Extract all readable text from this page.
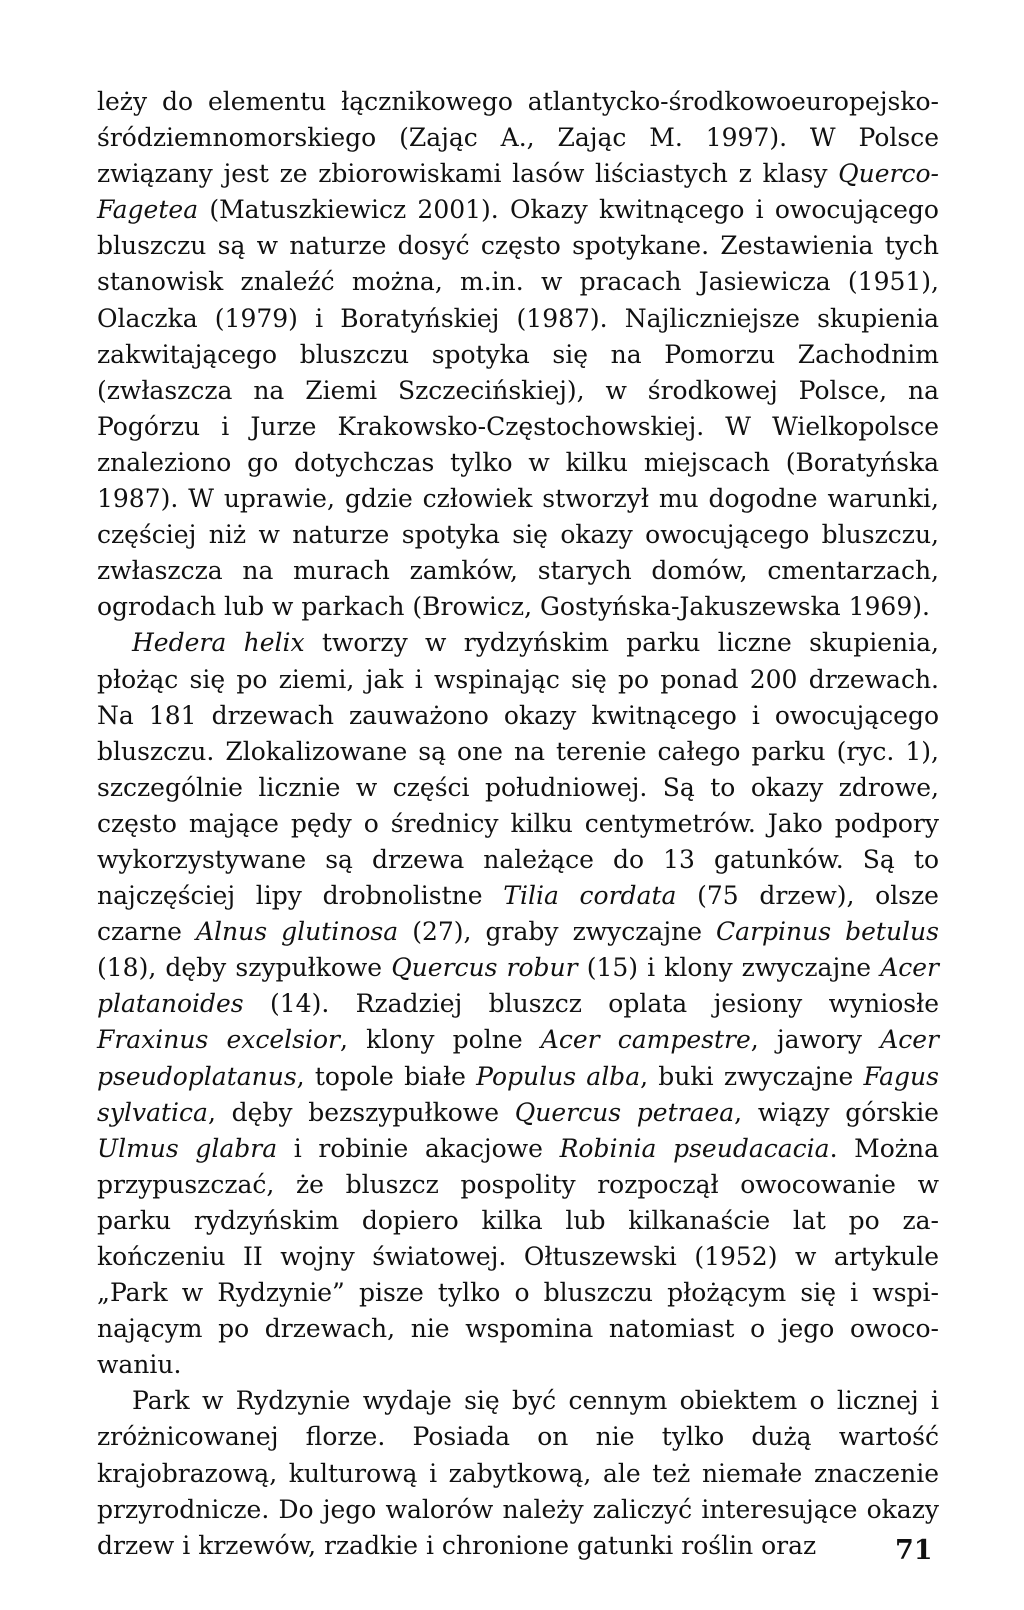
leży do elementu łącznikowego atlantycko-środkowoeuropejsko-śródziemnomorskiego (Zając A., Zając M. 1997). W Polsce związany jest ze zbiorowiskami lasów liściastych z klasy Querco-Fagetea (Matuszkiewicz 2001). Okazy kwitnącego i owocującego bluszczu są w naturze dosyć często spotykane. Zestawienia tych stanowisk znaleźć można, m.in. w pracach Jasiewicza (1951), Olaczka (1979) i Boratyńskiej (1987). Najliczniejsze skupienia zakwitającego bluszczu spotyka się na Pomorzu Zachodnim (zwłaszcza na Ziemi Szczecińskiej), w środkowej Polsce, na Pogórzu i Jurze Krakowsko-Częstochowskiej. W Wielkopolsce znaleziono go dotychczas tylko w kilku miejscach (Boratyńska 1987). W uprawie, gdzie człowiek stworzył mu dogodne warunki, częściej niż w naturze spotyka się okazy owocującego bluszczu, zwłaszcza na murach zamków, starych domów, cmentarzach, ogrodach lub w parkach (Browicz, Gostyńska-Jakuszewska 1969).

Hedera helix tworzy w rydzyńskim parku liczne skupienia, płożąc się po ziemi, jak i wspinając się po ponad 200 drzewach. Na 181 drzewach zauważono okazy kwitnącego i owocującego bluszczu. Zlokalizowane są one na terenie całego parku (ryc. 1), szczególnie licznie w części południowej. Są to okazy zdrowe, często mające pędy o średnicy kilku centymetrów. Jako podpory wykorzystywane są drzewa należące do 13 gatunków. Są to najczęściej lipy drobnolistne Tilia cordata (75 drzew), olsze czarne Alnus glutinosa (27), graby zwyczajne Carpinus betulus (18), dęby szypułkowe Quercus robur (15) i klony zwyczajne Acer platanoides (14). Rzadziej bluszcz oplata jesiony wyniosłe Fraxinus excelsior, klony polne Acer campestre, jawory Acer pseudoplatanus, topole białe Populus alba, buki zwyczajne Fagus sylvatica, dęby bezszypułkowe Quercus petraea, wiązy górskie Ulmus glabra i robinie akacjowe Robinia pseudacacia. Można przypuszczać, że bluszcz pospolity rozpoczął owocowanie w parku rydzyńskim dopiero kilka lub kilkanaście lat po zakończeniu II wojny światowej. Ołtuszewski (1952) w artykule „Park w Rydzynie” pisze tylko o bluszczu płożącym się i wspinającym po drzewach, nie wspomina natomiast o jego owocowaniu.

Park w Rydzynie wydaje się być cennym obiektem o licznej i zróżnicowanej florze. Posiada on nie tylko dużą wartość krajobrazową, kulturową i zabytkową, ale też niemałe znaczenie przyrodnicze. Do jego walorów należy zaliczyć interesujące okazy drzew i krzewów, rzadkie i chronione gatunki roślin oraz	71
